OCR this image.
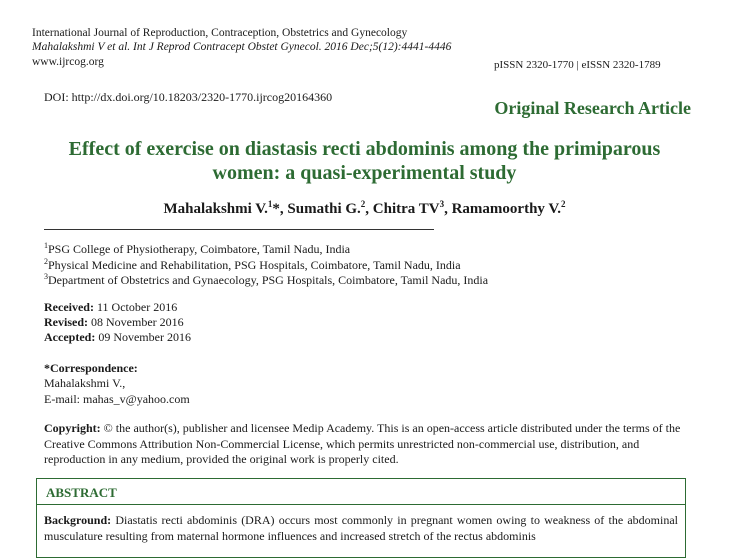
International Journal of Reproduction, Contraception, Obstetrics and Gynecology
Mahalakshmi V et al. Int J Reprod Contracept Obstet Gynecol. 2016 Dec;5(12):4441-4446
www.ijrcog.org	pISSN 2320-1770 | eISSN 2320-1789
DOI: http://dx.doi.org/10.18203/2320-1770.ijrcog20164360
Original Research Article
Effect of exercise on diastasis recti abdominis among the primiparous
women: a quasi-experimental study
Mahalakshmi V.$^1$*, Sumathi G.$^2$, Chitra $TV^3$, Ramamoorthy V.$^2$
$^1$PSG College of Physiotherapy, Coimbatore, Tamil Nadu, India
$^2$Physical Medicine and Rehabilitation, PSG Hospitals, Coimbatore, Tamil Nadu, India
$^3$Department of Obstetrics and Gynaecology, PSG Hospitals, Coimbatore, Tamil Nadu, India
Received: 11 October 2016
Revised: 08 November 2016
Accepted: 09 November 2016
*Correspondence:
Mahalakshmi V.,
E-mail: mahas_v@yahoo.com
Copyright: © the author(s), publisher and licensee Medip Academy. This is an open-access article distributed under the terms of the Creative Commons Attribution Non-Commercial License, which permits unrestricted non-commercial use, distribution, and reproduction in any medium, provided the original work is properly cited.
ABSTRACT
Background: Diastatis recti abdominis (DRA) occurs most commonly in pregnant women owing to weakness of the abdominal musculature resulting from maternal hormone influences and increased stretch of the rectus abdominis
